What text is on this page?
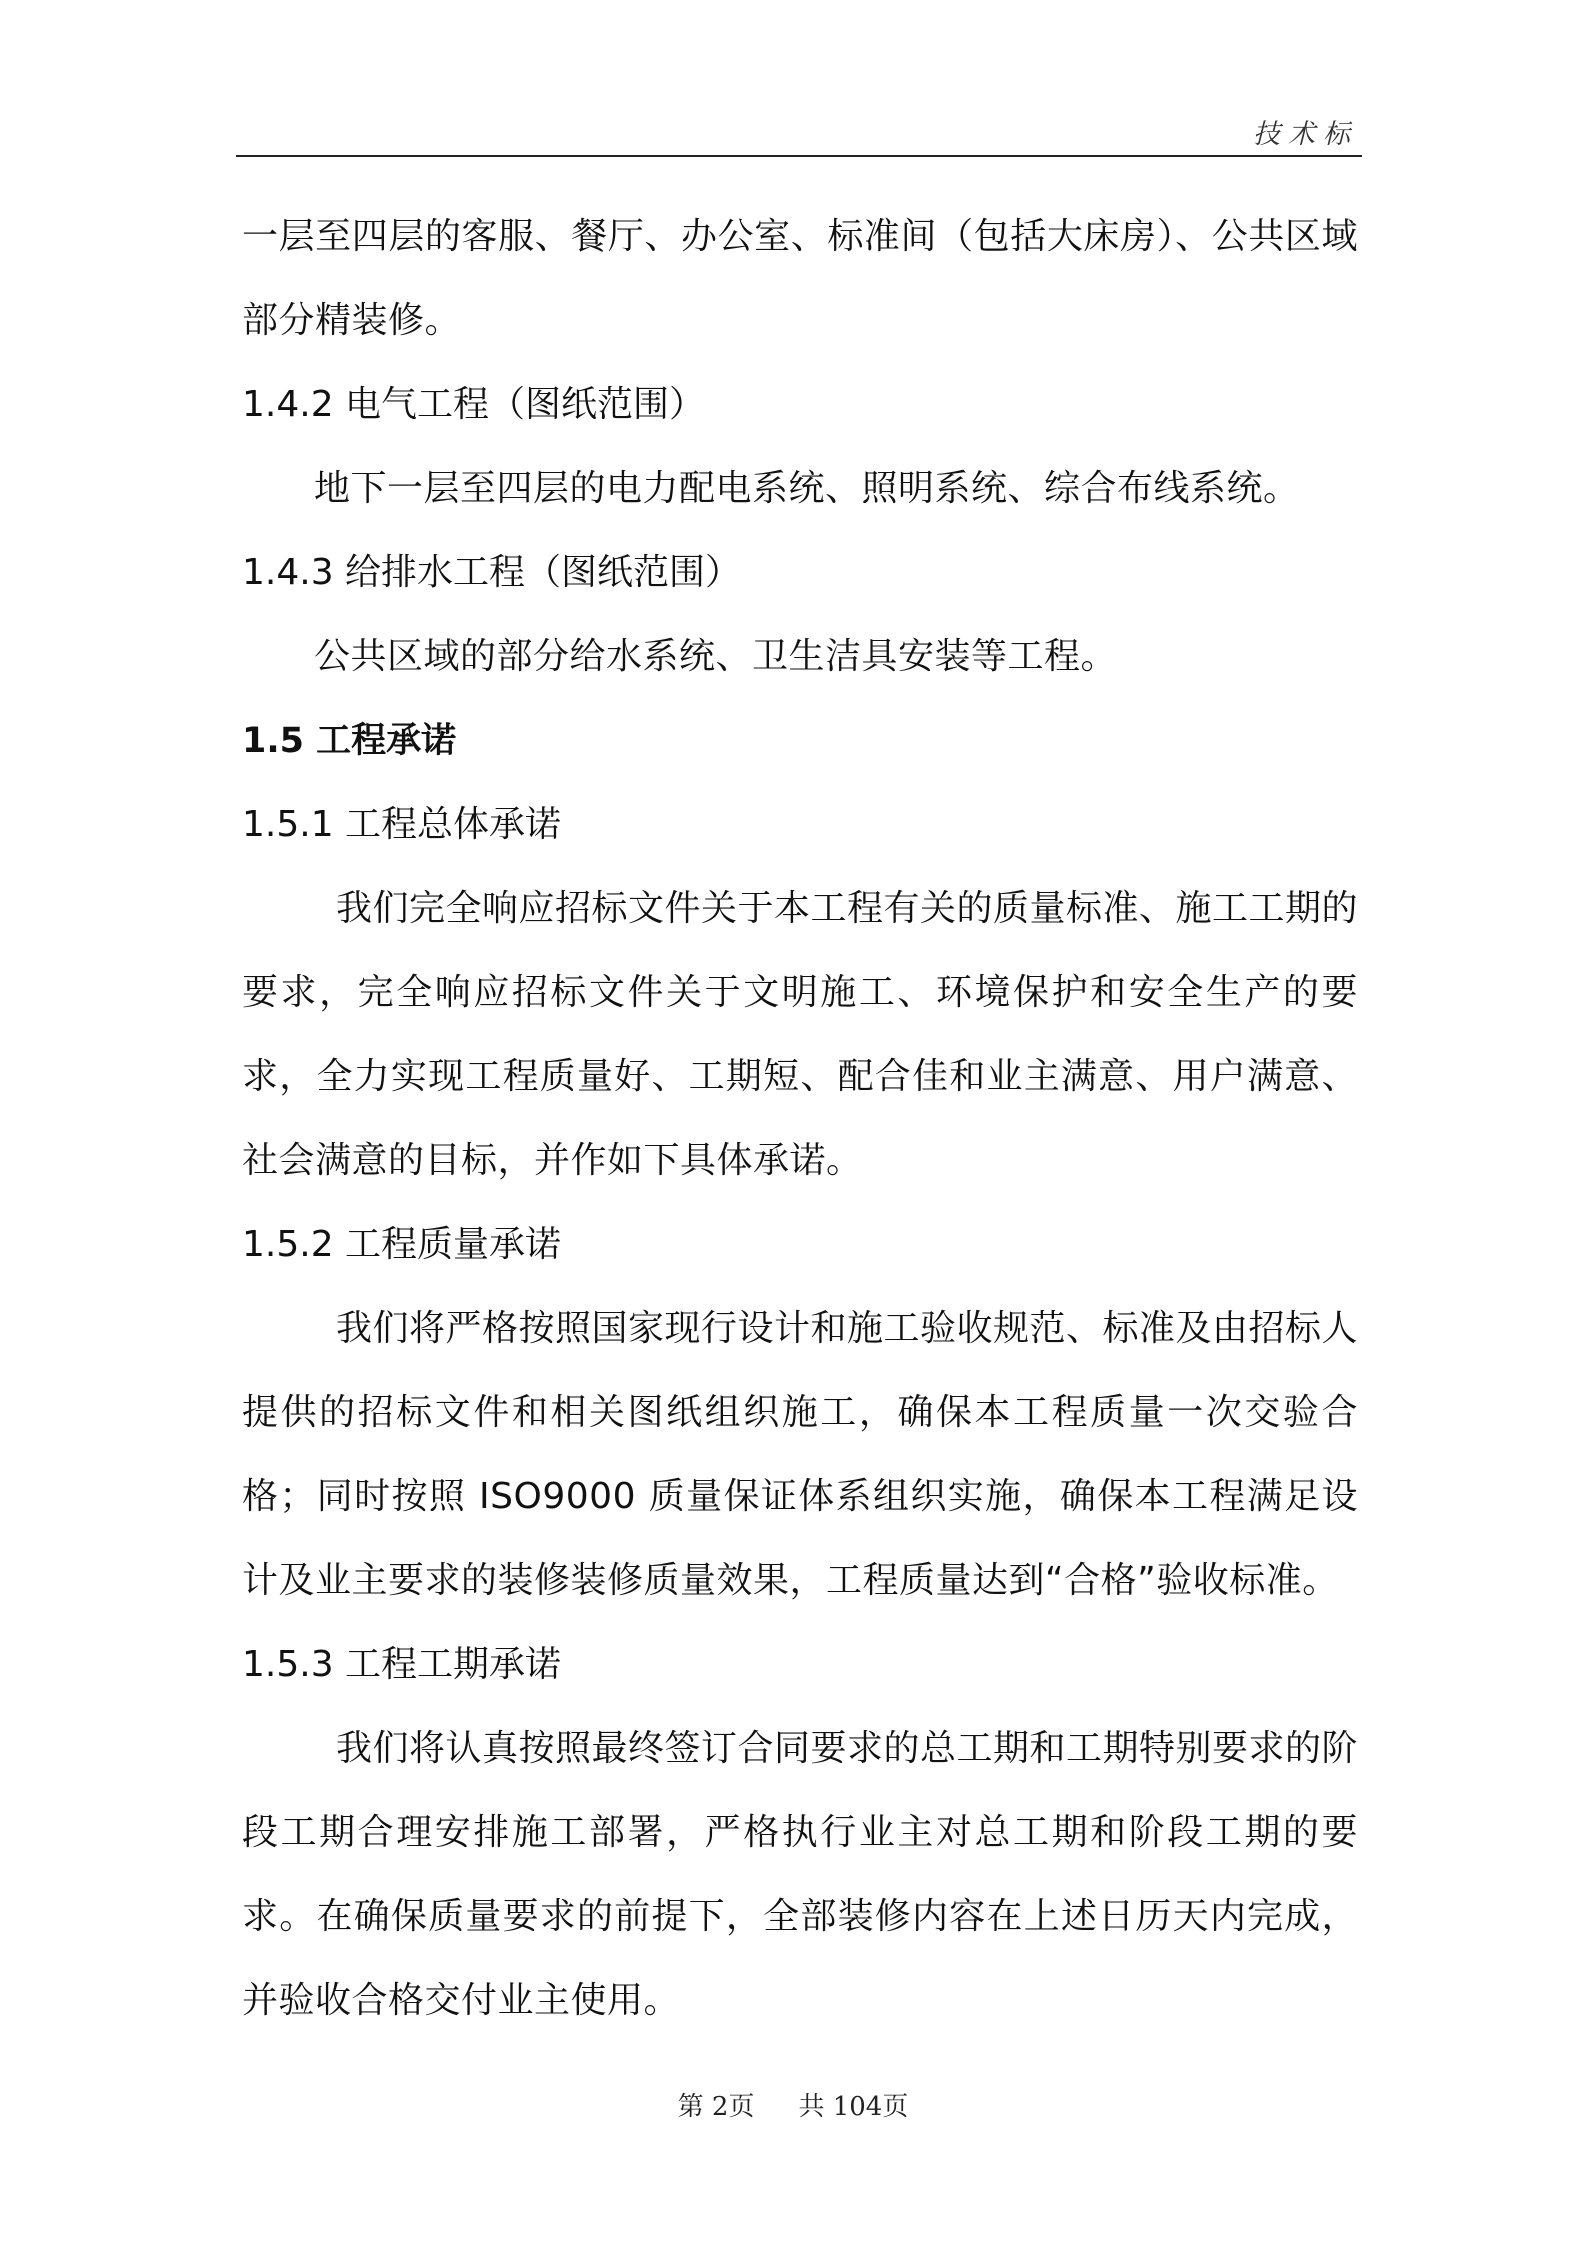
技术标

一层至四层的客服、餐厅、办公室、标准间（包括大床房）、公共区域部分精装修。

1.4.2 电气工程（图纸范围）

地下一层至四层的电力配电系统、照明系统、综合布线系统。

1.4.3 给排水工程（图纸范围）

公共区域的部分给水系统、卫生洁具安装等工程。

1.5 工程承诺

1.5.1 工程总体承诺

我们完全响应招标文件关于本工程有关的质量标准、施工工期的要求，完全响应招标文件关于文明施工、环境保护和安全生产的要求，全力实现工程质量好、工期短、配合佳和业主满意、用户满意、社会满意的目标，并作如下具体承诺。

1.5.2 工程质量承诺

我们将严格按照国家现行设计和施工验收规范、标准及由招标人提供的招标文件和相关图纸组织施工，确保本工程质量一次交验合格；同时按照 ISO9000 质量保证体系组织实施，确保本工程满足设计及业主要求的装修装修质量效果，工程质量达到“合格”验收标准。

1.5.3 工程工期承诺

我们将认真按照最终签订合同要求的总工期和工期特别要求的阶段工期合理安排施工部署，严格执行业主对总工期和阶段工期的要求。在确保质量要求的前提下，全部装修内容在上述日历天内完成，并验收合格交付业主使用。

第 2页 共 104页
